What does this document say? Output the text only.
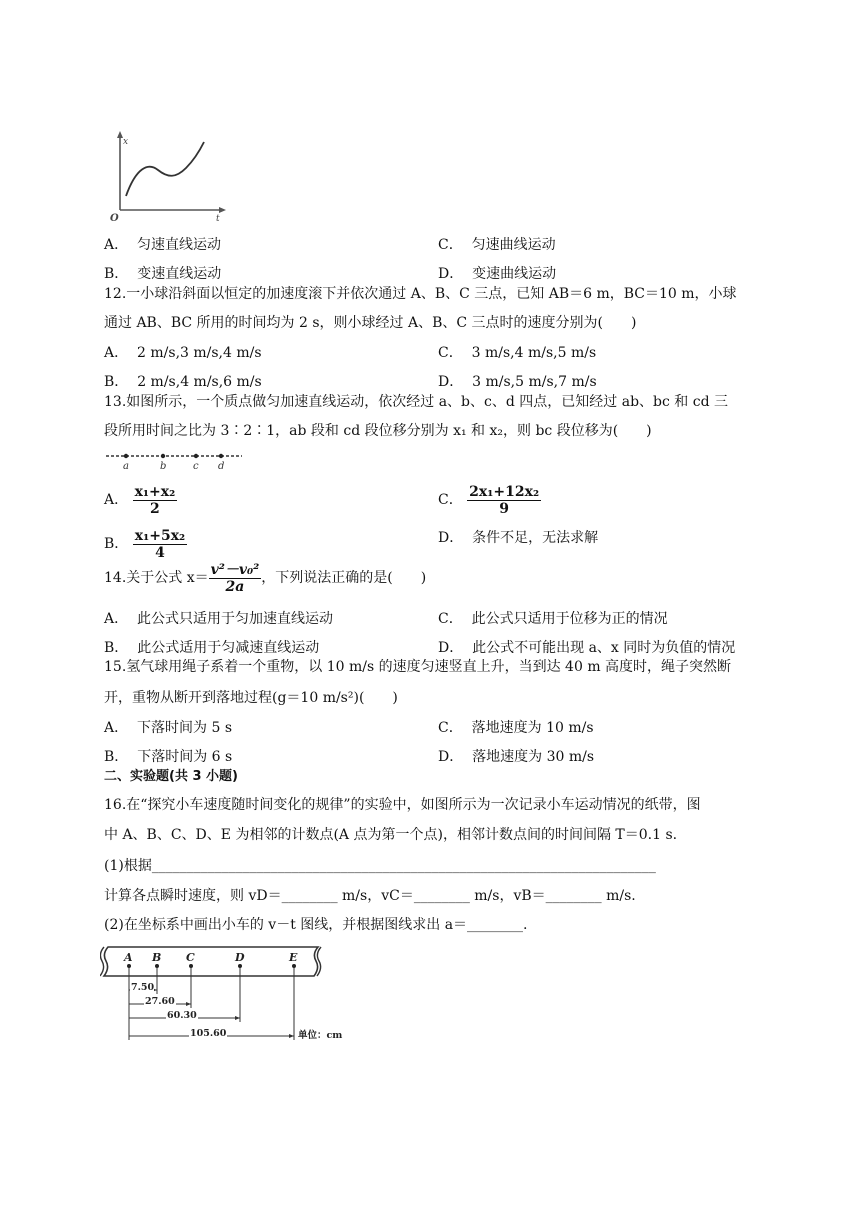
x
t
O
A． 匀速直线运动	C． 匀速曲线运动
B． 变速直线运动	D． 变速曲线运动
12.一小球沿斜面以恒定的加速度滚下并依次通过 A、B、C 三点，已知 AB＝6 m，BC＝10 m，小球
通过 AB、BC 所用的时间均为 2 s，则小球经过 A、B、C 三点时的速度分别为(　　)
A． 2 m/s,3 m/s,4 m/s	C． 3 m/s,4 m/s,5 m/s
B． 2 m/s,4 m/s,6 m/s	D． 3 m/s,5 m/s,7 m/s
13.如图所示，一个质点做匀加速直线运动，依次经过 a、b、c、d 四点，已知经过 ab、bc 和 cd 三
段所用时间之比为 3∶2∶1，ab 段和 cd 段位移分别为 x₁ 和 x₂，则 bc 段位移为(　　)
a	b	c d
A． $\frac{\text{x₁+x₂}}{2}$	C． $\frac{\text{2x₁+12x₂}}{9}$
B． $\frac{\text{x₁+5x₂}}{4}$	D． 条件不足，无法求解
14.关于公式 $x= \frac{\text{v²－v₀²}}{2a}$ ，下列说法正确的是(　　)
A． 此公式只适用于匀加速直线运动	C． 此公式只适用于位移为正的情况
B． 此公式适用于匀减速直线运动	D． 此公式不可能出现 a、x 同时为负值的情况
15.氢气球用绳子系着一个重物，以 10 m/s 的速度匀速竖直上升，当到达 40 m 高度时，绳子突然断
开，重物从断开到落地过程(g＝10 m/s²)(　　)
A． 下落时间为 5 s	C． 落地速度为 10 m/s
B． 下落时间为 6 s	D． 落地速度为 30 m/s
二、实验题(共 3 小题)
16.在“探究小车速度随时间变化的规律”的实验中，如图所示为一次记录小车运动情况的纸带，图
中 A、B、C、D、E 为相邻的计数点(A 点为第一个点)，相邻计数点间的时间间隔 T＝0.1 s.
(1)根据________________________________________________________________________
计算各点瞬时速度，则 vD＝________ m/s，vC＝________ m/s，vB＝________ m/s.
(2)在坐标系中画出小车的 v－t 图线，并根据图线求出 a＝________.
A B C	D	E
7.50
27.60
60.30
105.60	单位：cm
